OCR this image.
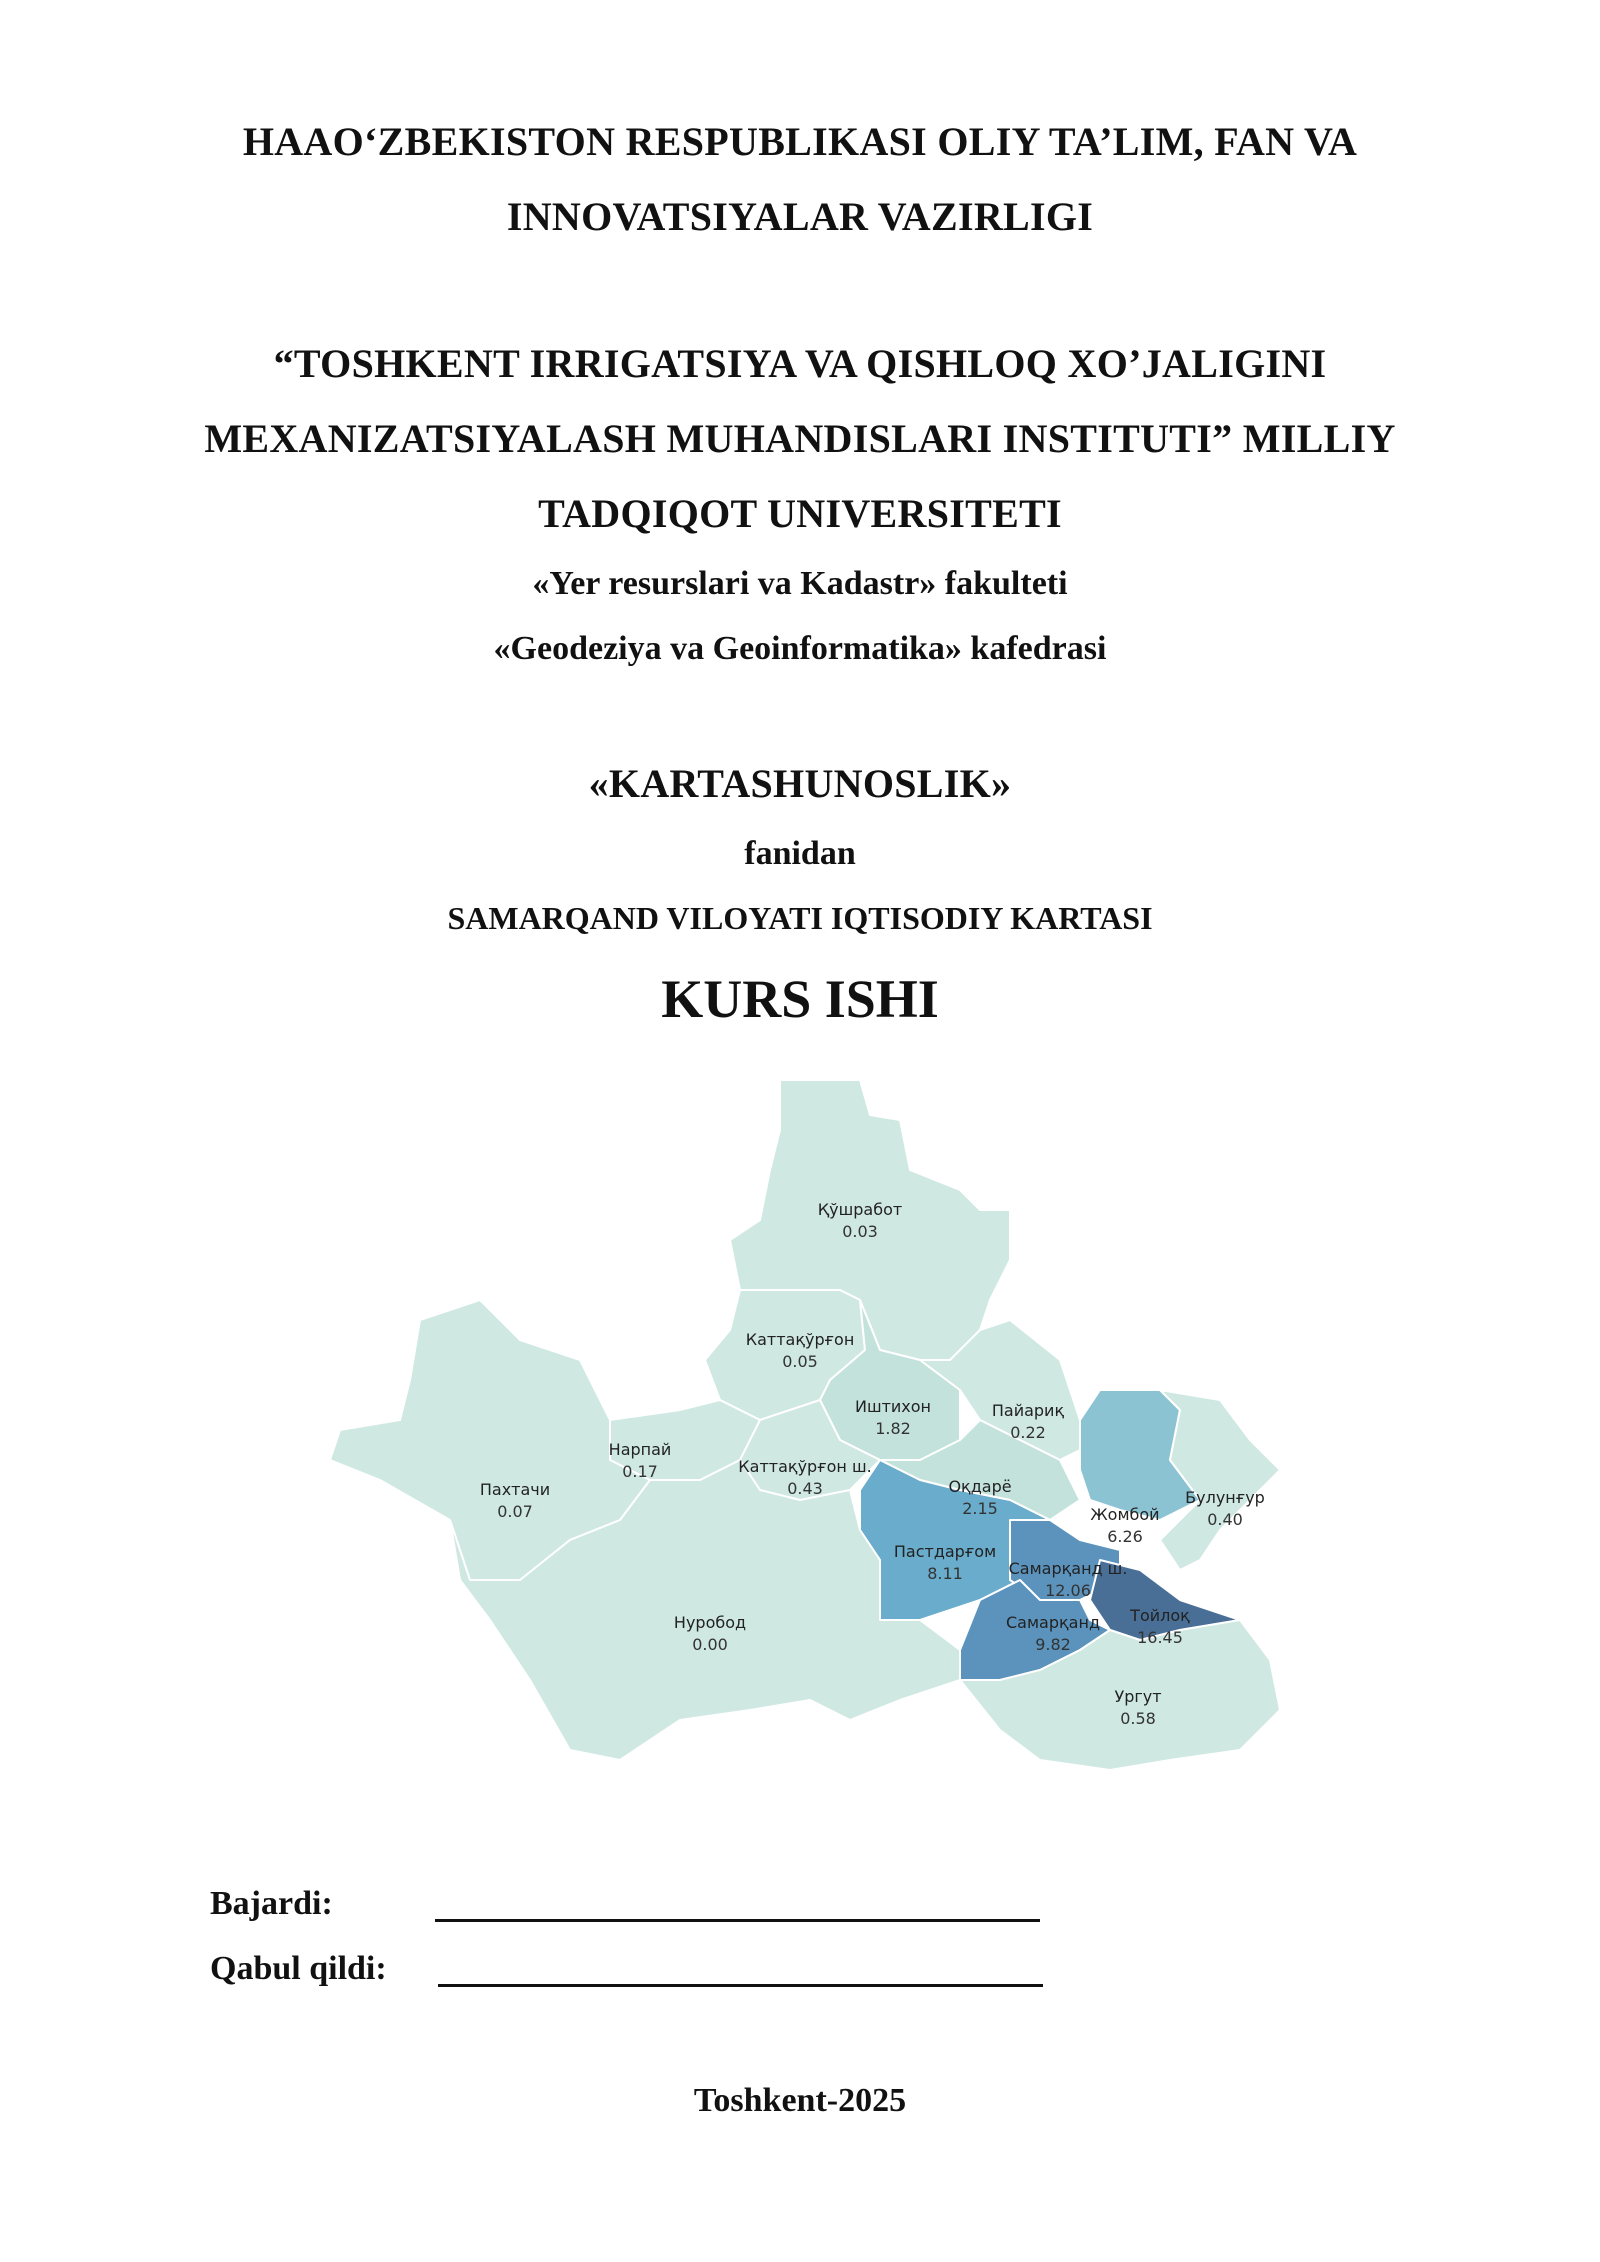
HAAO‘ZBEKISTON RESPUBLIKASI OLIY TA’LIM, FAN VA
INNOVATSIYALAR VAZIRLIGI
“TOSHKENT IRRIGATSIYA VA QISHLOQ XO’JALIGINI
MEXANIZATSIYALASH MUHANDISLARI INSTITUTI” MILLIY
TADQIQOT UNIVERSITETI
«Yer resurslari va Kadastr» fakulteti
«Geodeziya va Geoinformatika» kafedrasi
«KARTASHUNOSLIK»
fanidan
SAMARQAND VILOYATI IQTISODIY KARTASI
KURS ISHI
Қўшработ
0.03
Каттақўрғон
0.05
Иштихон
1.82
Пайариқ
0.22
Нарпай
0.17	Каттақўрғон ш.
0.43
Пахтачи
0.07
Оқдарё
2.15	Жомбой
6.26
Булунғур
0.40
Пастдарғом
8.11	Самарқанд ш.
12.06
Тойлоқ
16.45
Самарқанд
9.82
Нуробод
0.00
Ургут
0.58
Bajardi:
Qabul qildi:
Toshkent-2025
